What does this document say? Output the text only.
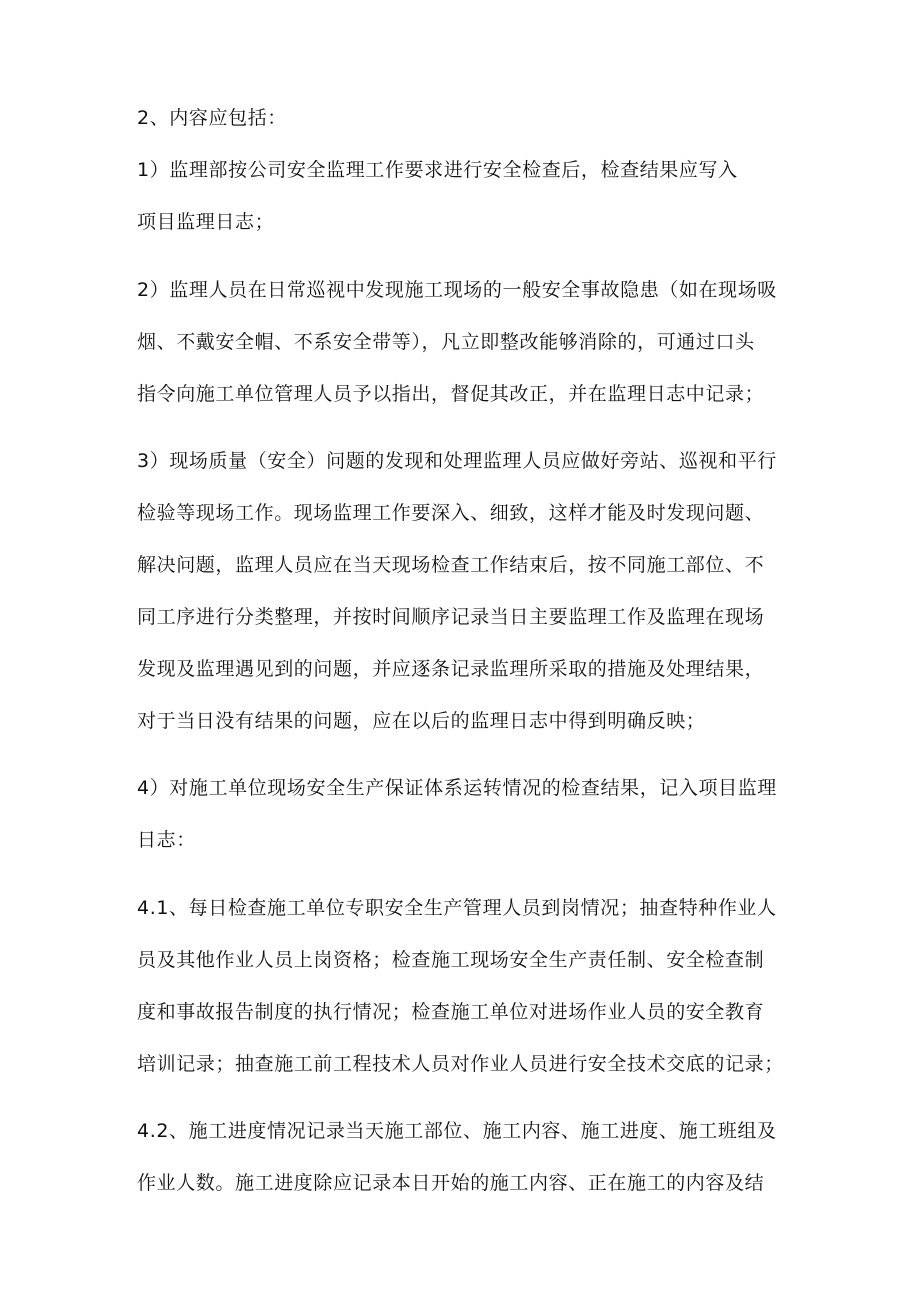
2、内容应包括：
1）监理部按公司安全监理工作要求进行安全检查后，检查结果应写入
项目监理日志；
2）监理人员在日常巡视中发现施工现场的一般安全事故隐患（如在现场吸
烟、不戴安全帽、不系安全带等），凡立即整改能够消除的，可通过口头
指令向施工单位管理人员予以指出，督促其改正，并在监理日志中记录；
3）现场质量（安全）问题的发现和处理监理人员应做好旁站、巡视和平行
检验等现场工作。现场监理工作要深入、细致，这样才能及时发现问题、
解决问题，监理人员应在当天现场检查工作结束后，按不同施工部位、不
同工序进行分类整理，并按时间顺序记录当日主要监理工作及监理在现场
发现及监理遇见到的问题，并应逐条记录监理所采取的措施及处理结果，
对于当日没有结果的问题，应在以后的监理日志中得到明确反映；
4）对施工单位现场安全生产保证体系运转情况的检查结果，记入项目监理
日志：
4.1、每日检查施工单位专职安全生产管理人员到岗情况；抽查特种作业人
员及其他作业人员上岗资格；检查施工现场安全生产责任制、安全检查制
度和事故报告制度的执行情况；检查施工单位对进场作业人员的安全教育
培训记录；抽查施工前工程技术人员对作业人员进行安全技术交底的记录；
4.2、施工进度情况记录当天施工部位、施工内容、施工进度、施工班组及
作业人数。施工进度除应记录本日开始的施工内容、正在施工的内容及结
